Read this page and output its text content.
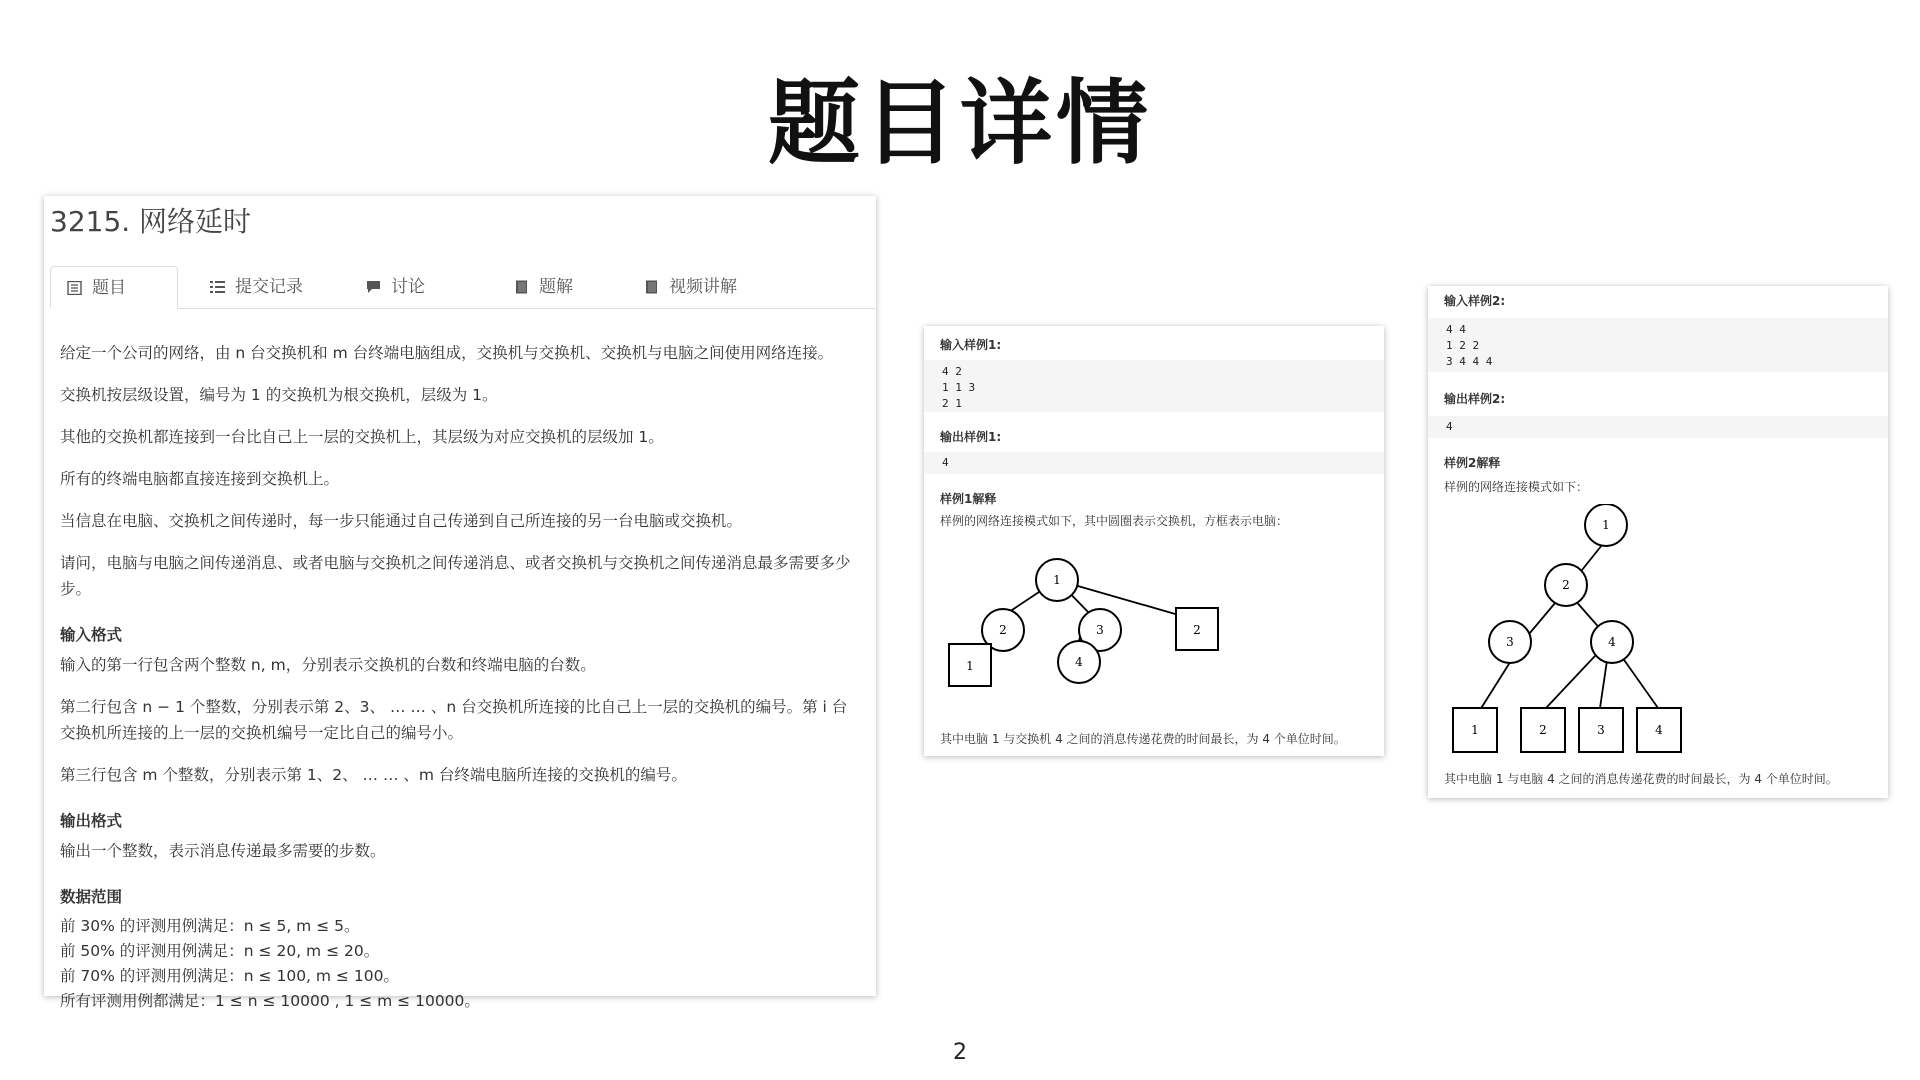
题目详情
3215. 网络延时
题目	提交记录	讨论	题解	视频讲解

给定一个公司的网络，由 n 台交换机和 m 台终端电脑组成，交换机与交换机、交换机与电脑之间使用网络连接。

交换机按层级设置，编号为 1 的交换机为根交换机，层级为 1。

其他的交换机都连接到一台比自己上一层的交换机上，其层级为对应交换机的层级加 1。

所有的终端电脑都直接连接到交换机上。

当信息在电脑、交换机之间传递时，每一步只能通过自己传递到自己所连接的另一台电脑或交换机。

请问，电脑与电脑之间传递消息、或者电脑与交换机之间传递消息、或者交换机与交换机之间传递消息最多需要多少步。

输入格式

输入的第一行包含两个整数 n, m，分别表示交换机的台数和终端电脑的台数。

第二行包含 n − 1 个整数，分别表示第 2、3、 … … 、n 台交换机所连接的比自己上一层的交换机的编号。第 i 台交换机所连接的上一层的交换机编号一定比自己的编号小。

第三行包含 m 个整数，分别表示第 1、2、 … … 、m 台终端电脑所连接的交换机的编号。

输出格式

输出一个整数，表示消息传递最多需要的步数。

数据范围

前 30% 的评测用例满足：n ≤ 5, m ≤ 5。

前 50% 的评测用例满足：n ≤ 20, m ≤ 20。

前 70% 的评测用例满足：n ≤ 100, m ≤ 100。

所有评测用例都满足：1 ≤ n ≤ 10000 , 1 ≤ m ≤ 10000。

输入样例1:
4 2
1 1 3
2 1
输出样例1:
4
样例1解释
样例的网络连接模式如下，其中圆圈表示交换机，方框表示电脑：
1
2	3
4
2
1
其中电脑 1 与交换机 4 之间的消息传递花费的时间最长，为 4 个单位时间。
输入样例2:
4 4
1 2 2
3 4 4 4
输出样例2:
4
样例2解释
样例的网络连接模式如下：
1
2
3	4
1	2	3	4
其中电脑 1 与电脑 4 之间的消息传递花费的时间最长，为 4 个单位时间。
2
